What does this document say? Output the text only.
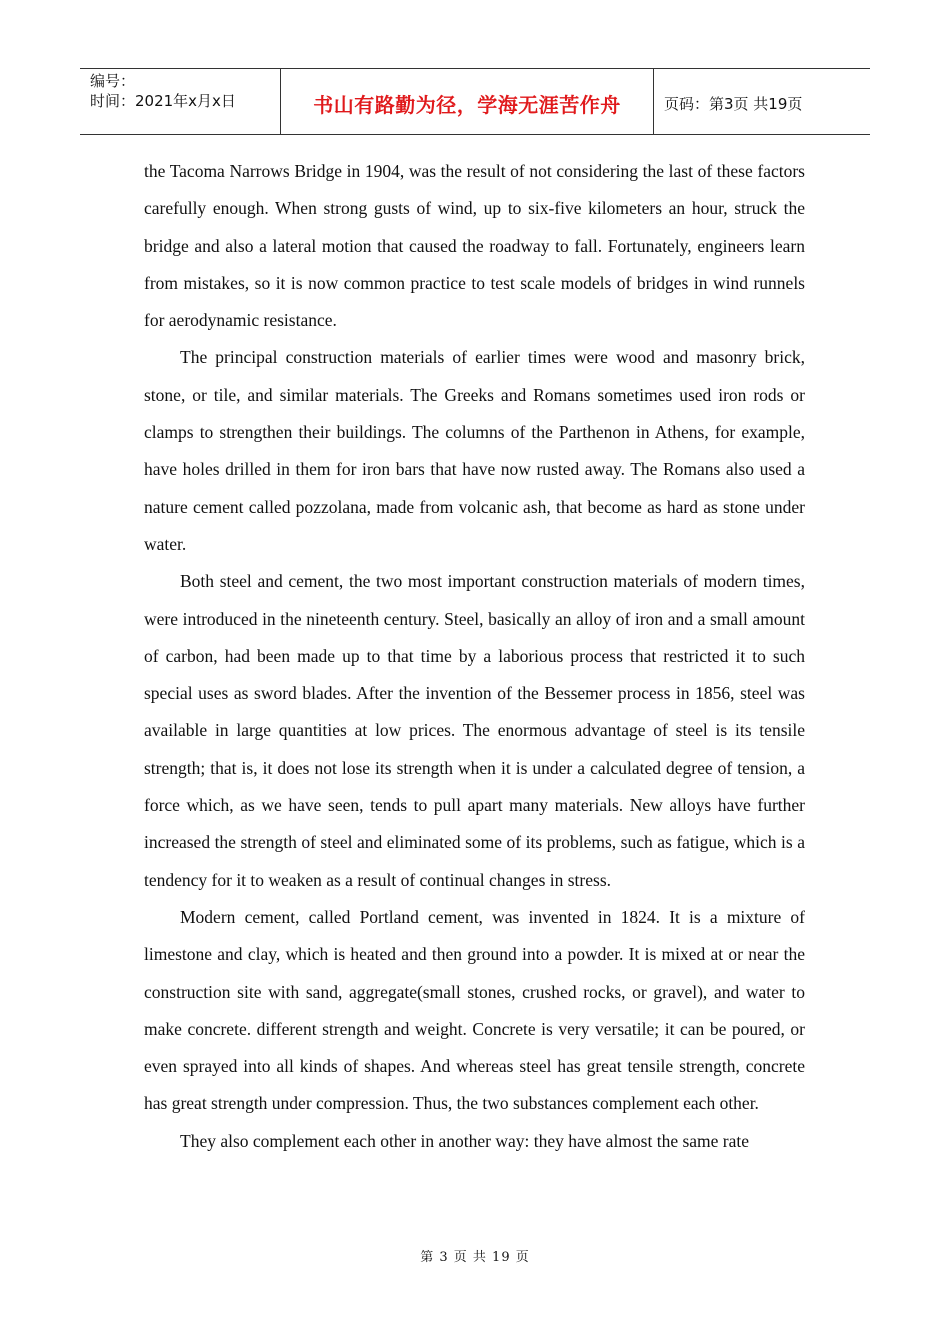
编号：
时间：2021年x月x日	书山有路勤为径，学海无涯苦作舟	页码：第3页 共19页

the Tacoma Narrows Bridge in 1904, was the result of not considering the last of these factors carefully enough. When strong gusts of wind, up to six-five kilometers an hour, struck the bridge and also a lateral motion that caused the roadway to fall. Fortunately, engineers learn from mistakes, so it is now common practice to test scale models of bridges in wind runnels for aerodynamic resistance.

The principal construction materials of earlier times were wood and masonry brick, stone, or tile, and similar materials. The Greeks and Romans sometimes used iron rods or clamps to strengthen their buildings. The columns of the Parthenon in Athens, for example, have holes drilled in them for iron bars that have now rusted away. The Romans also used a nature cement called pozzolana, made from volcanic ash, that become as hard as stone under water.

Both steel and cement, the two most important construction materials of modern times, were introduced in the nineteenth century. Steel, basically an alloy of iron and a small amount of carbon, had been made up to that time by a laborious process that restricted it to such special uses as sword blades. After the invention of the Bessemer process in 1856, steel was available in large quantities at low prices. The enormous advantage of steel is its tensile strength; that is, it does not lose its strength when it is under a calculated degree of tension, a force which, as we have seen, tends to pull apart many materials. New alloys have further increased the strength of steel and eliminated some of its problems, such as fatigue, which is a tendency for it to weaken as a result of continual changes in stress.

Modern cement, called Portland cement, was invented in 1824. It is a mixture of limestone and clay, which is heated and then ground into a powder. It is mixed at or near the construction site with sand, aggregate(small stones, crushed rocks, or gravel), and water to make concrete. different strength and weight. Concrete is very versatile; it can be poured, or even sprayed into all kinds of shapes. And whereas steel has great tensile strength, concrete has great strength under compression. Thus, the two substances complement each other.

They also complement each other in another way: they have almost the same rate

第 3 页 共 19 页
